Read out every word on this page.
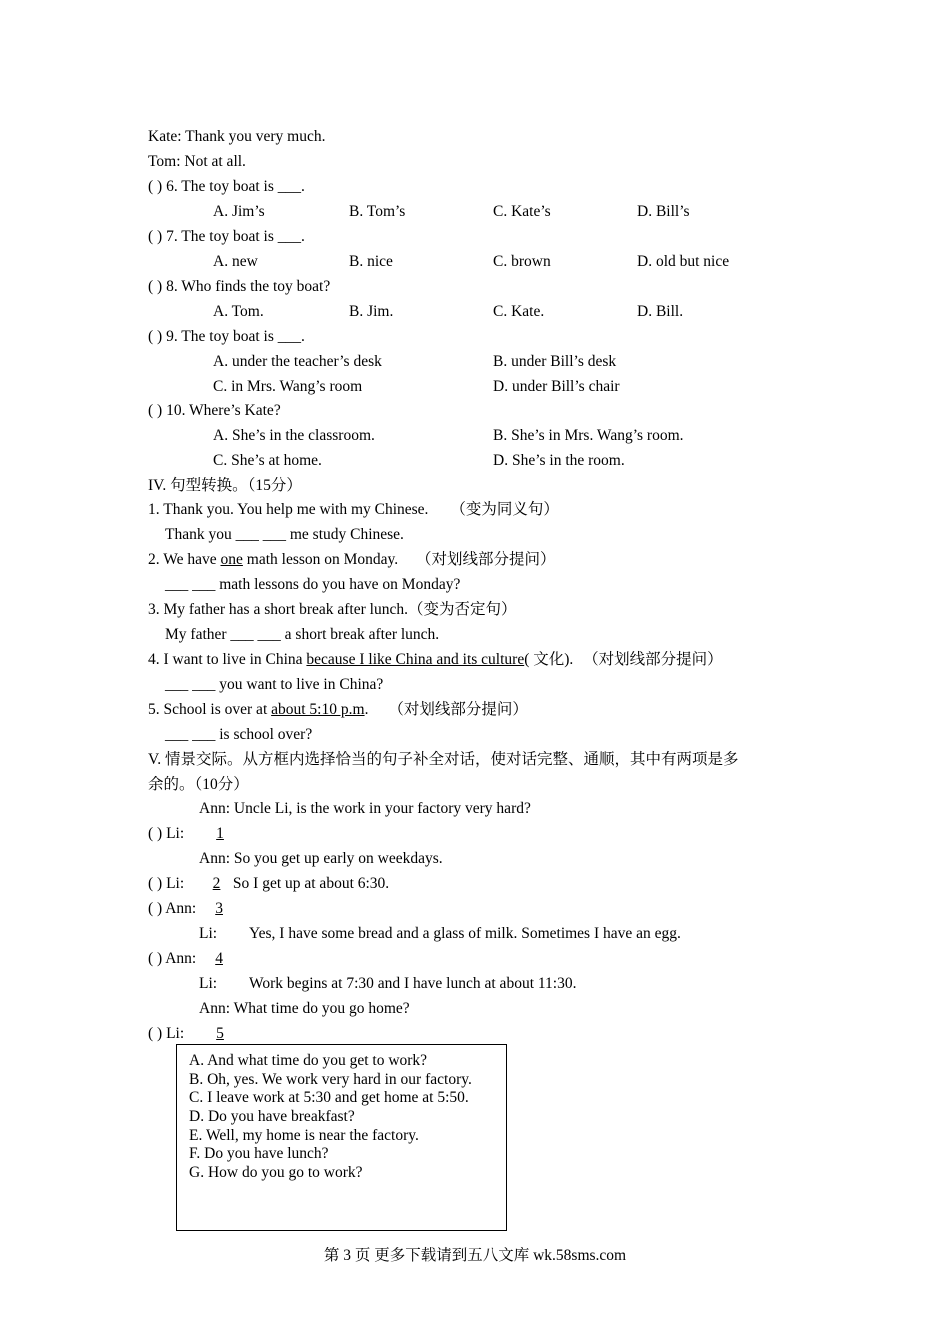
Kate: Thank you very much.
Tom: Not at all.
( ) 6. The toy boat is ___.
A. Jim’s	B. Tom’s	C. Kate’s	D. Bill’s
( ) 7. The toy boat is ___.
A. new	B. nice	C. brown	D. old but nice
( ) 8. Who finds the toy boat?
A. Tom.	B. Jim.	C. Kate.	D. Bill.
( ) 9. The toy boat is ___.
A. under the teacher’s desk	B. under Bill’s desk
C. in Mrs. Wang’s room	D. under Bill’s chair
( ) 10. Where’s Kate?
A. She’s in the classroom.	B. She’s in Mrs. Wang’s room.
C. She’s at home.	D. She’s in the room.
IV. 句型转换。（15分）
1. Thank you. You help me with my Chinese. （变为同义句）
Thank you ___ ___ me study Chinese.
2. We have one math lesson on Monday. （对划线部分提问）
___ ___ math lessons do you have on Monday?
3. My father has a short break after lunch.（变为否定句）
My father ___ ___ a short break after lunch.
4. I want to live in China because I like China and its culture( 文化). （对划线部分提问）
___ ___ you want to live in China?
5. School is over at about 5:10 p.m. （对划线部分提问）
___ ___ is school over?
V. 情景交际。从方框内选择恰当的句子补全对话，使对话完整、通顺，其中有两项是多
余的。（10分）
Ann: Uncle Li, is the work in your factory very hard?
( ) Li: 1
Ann: So you get up early on weekdays.
( ) Li: 2 So I get up at about 6:30.
( ) Ann: 3
Li: Yes, I have some bread and a glass of milk. Sometimes I have an egg.
( ) Ann: 4
Li: Work begins at 7:30 and I have lunch at about 11:30.
Ann: What time do you go home?
( ) Li: 5
A. And what time do you get to work?
B. Oh, yes. We work very hard in our factory.
C. I leave work at 5:30 and get home at 5:50.
D. Do you have breakfast?
E. Well, my home is near the factory.
F. Do you have lunch?
G. How do you go to work?
第 3 页 更多下载请到五八文库 wk.58sms.com
